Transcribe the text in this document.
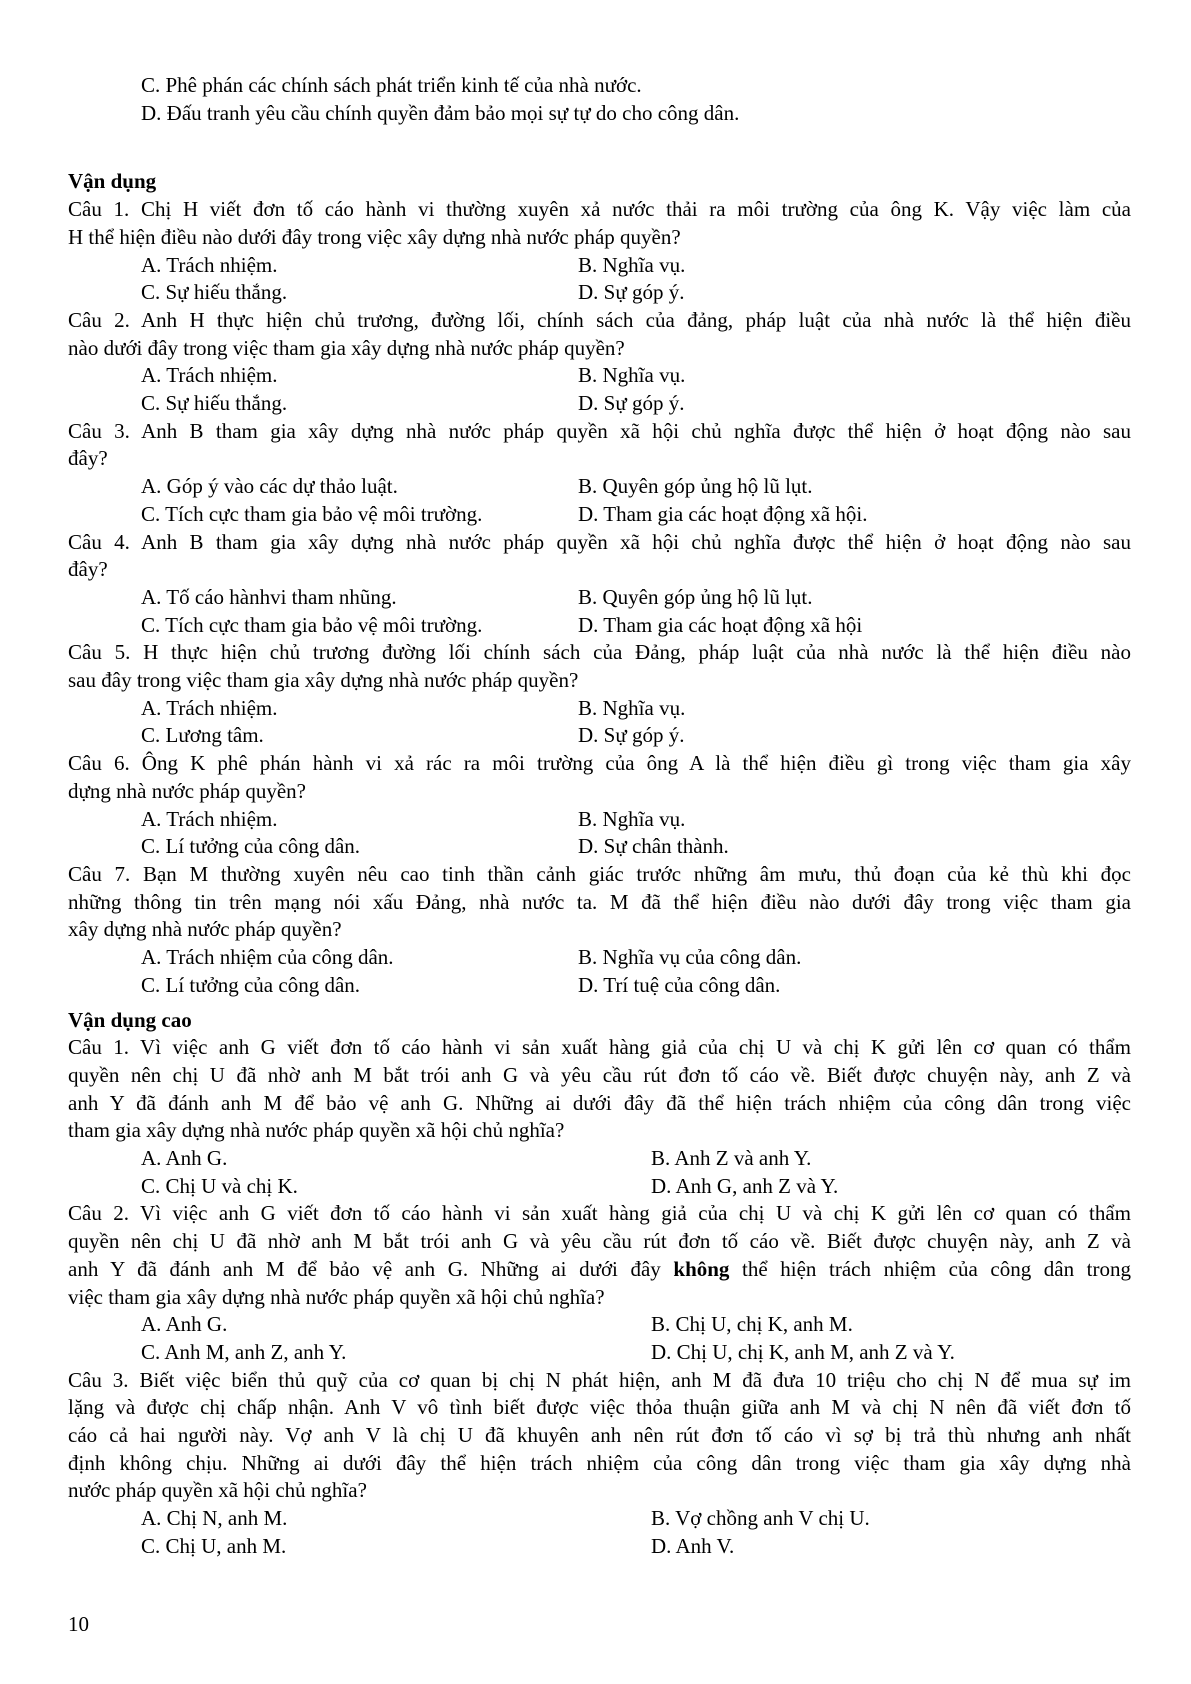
C. Phê phán các chính sách phát triển kinh tế của nhà nước.
D. Đấu tranh yêu cầu chính quyền đảm bảo mọi sự tự do cho công dân.
Vận dụng
Câu 1. Chị H viết đơn tố cáo hành vi thường xuyên xả nước thải ra môi trường của ông K. Vậy việc làm của
H thể hiện điều nào dưới đây trong việc xây dựng nhà nước pháp quyền?
A. Trách nhiệm.	B. Nghĩa vụ.
C. Sự hiếu thắng.	D. Sự góp ý.
Câu 2. Anh H thực hiện chủ trương, đường lối, chính sách của đảng, pháp luật của nhà nước là thể hiện điều
nào dưới đây trong việc tham gia xây dựng nhà nước pháp quyền?
A. Trách nhiệm.	B. Nghĩa vụ.
C. Sự hiếu thắng.	D. Sự góp ý.
Câu 3. Anh B tham gia xây dựng nhà nước pháp quyền xã hội chủ nghĩa được thể hiện ở hoạt động nào sau
đây?
A. Góp ý vào các dự thảo luật.	B. Quyên góp ủng hộ lũ lụt.
C. Tích cực tham gia bảo vệ môi trường.	D. Tham gia các hoạt động xã hội.
Câu 4. Anh B tham gia xây dựng nhà nước pháp quyền xã hội chủ nghĩa được thể hiện ở hoạt động nào sau
đây?
A. Tố cáo hànhvi tham nhũng.	B. Quyên góp ủng hộ lũ lụt.
C. Tích cực tham gia bảo vệ môi trường.	D. Tham gia các hoạt động xã hội
Câu 5. H thực hiện chủ trương đường lối chính sách của Đảng, pháp luật của nhà nước là thể hiện điều nào
sau đây trong việc tham gia xây dựng nhà nước pháp quyền?
A. Trách nhiệm.	B. Nghĩa vụ.
C. Lương tâm.	D. Sự góp ý.
Câu 6. Ông K phê phán hành vi xả rác ra môi trường của ông A là thể hiện điều gì trong việc tham gia xây
dựng nhà nước pháp quyền?
A. Trách nhiệm.	B. Nghĩa vụ.
C. Lí tưởng của công dân.	D. Sự chân thành.
Câu 7. Bạn M thường xuyên nêu cao tinh thần cảnh giác trước những âm mưu, thủ đoạn của kẻ thù khi đọc
những thông tin trên mạng nói xấu Đảng, nhà nước ta. M đã thể hiện điều nào dưới đây trong việc tham gia
xây dựng nhà nước pháp quyền?
A. Trách nhiệm của công dân.	B. Nghĩa vụ của công dân.
C. Lí tưởng của công dân.	D. Trí tuệ của công dân.
Vận dụng cao
Câu 1. Vì việc anh G viết đơn tố cáo hành vi sản xuất hàng giả của chị U và chị K gửi lên cơ quan có thẩm
quyền nên chị U đã nhờ anh M bắt trói anh G và yêu cầu rút đơn tố cáo về. Biết được chuyện này, anh Z và
anh Y đã đánh anh M để bảo vệ anh G. Những ai dưới đây đã thể hiện trách nhiệm của công dân trong việc
tham gia xây dựng nhà nước pháp quyền xã hội chủ nghĩa?
A. Anh G.	B. Anh Z và anh Y.
C. Chị U và chị K.	D. Anh G, anh Z và Y.
Câu 2. Vì việc anh G viết đơn tố cáo hành vi sản xuất hàng giả của chị U và chị K gửi lên cơ quan có thẩm
quyền nên chị U đã nhờ anh M bắt trói anh G và yêu cầu rút đơn tố cáo về. Biết được chuyện này, anh Z và
anh Y đã đánh anh M để bảo vệ anh G. Những ai dưới đây không thể hiện trách nhiệm của công dân trong
việc tham gia xây dựng nhà nước pháp quyền xã hội chủ nghĩa?
A. Anh G.	B. Chị U, chị K, anh M.
C. Anh M, anh Z, anh Y.	D. Chị U, chị K, anh M, anh Z và Y.
Câu 3. Biết việc biển thủ quỹ của cơ quan bị chị N phát hiện, anh M đã đưa 10 triệu cho chị N để mua sự im
lặng và được chị chấp nhận. Anh V vô tình biết được việc thỏa thuận giữa anh M và chị N nên đã viết đơn tố
cáo cả hai người này. Vợ anh V là chị U đã khuyên anh nên rút đơn tố cáo vì sợ bị trả thù nhưng anh nhất
định không chịu. Những ai dưới đây thể hiện trách nhiệm của công dân trong việc tham gia xây dựng nhà
nước pháp quyền xã hội chủ nghĩa?
A. Chị N, anh M.	B. Vợ chồng anh V chị U.
C. Chị U, anh M.	D. Anh V.
10
